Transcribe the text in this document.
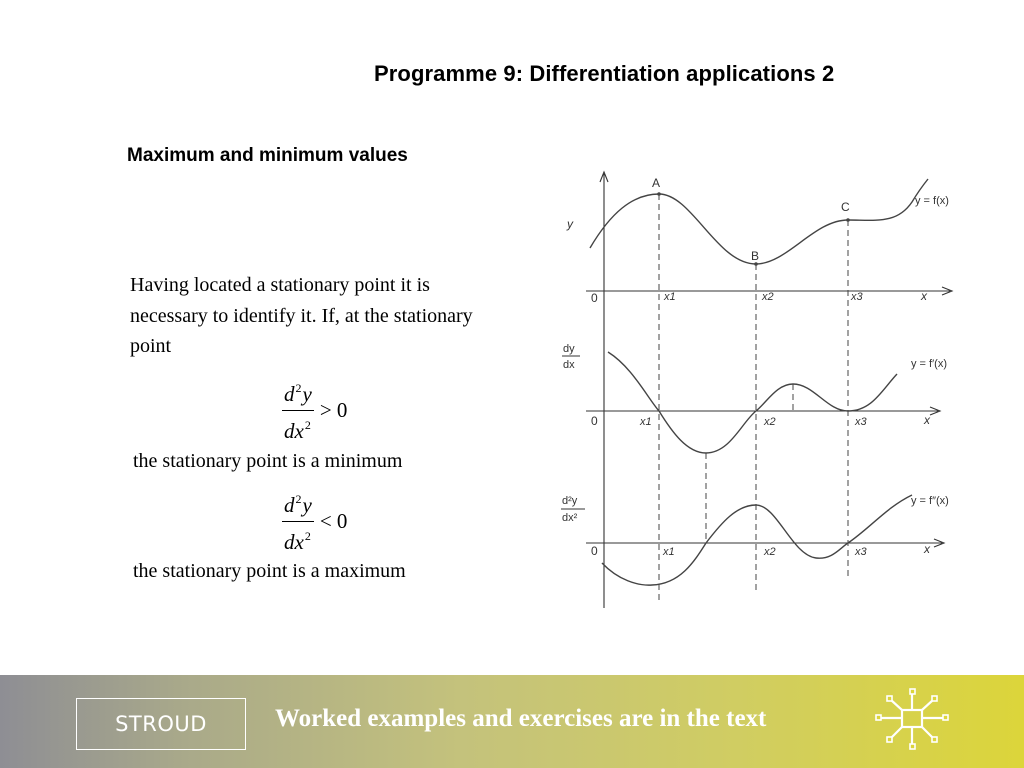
Programme 9: Differentiation applications 2
Maximum and minimum values

Having located a stationary point it is necessary to identify it. If, at the stationary point

$\frac{d^2y}{dx^2} > 0$
the stationary point is a minimum
$\frac{d^2y}{dx^2} < 0$
the stationary point is a maximum
y
0	x
A
B
C	y = f(x)
x1	x2	x3
dy
dx
0	x
y = f′(x)
x1	x2	x3
d²y
dx²
0	x
y = f″(x)
x1	x2	x3
STROUD	Worked examples and exercises are in the text
